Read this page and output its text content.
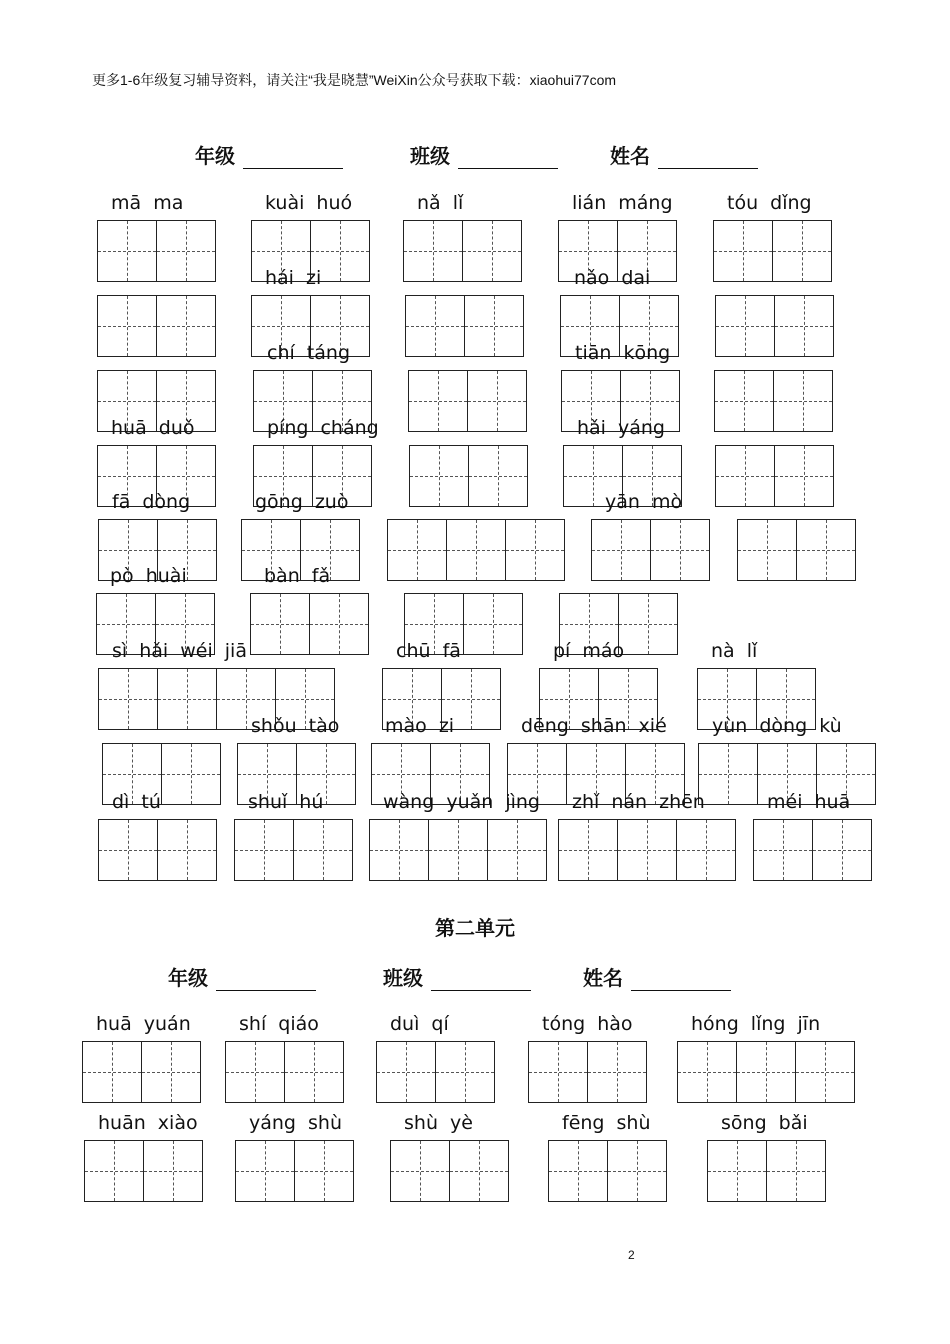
更多1-6年级复习辅导资料，请关注“我是晓慧”WeiXin公众号获取下载：xiaohui77com
年级	班级	姓名
mā ma	kuài huó	nǎ lǐ	lián máng	tóu dǐng
hái zi	nǎo dai
chí táng	tiān kōng
huā duǒ	píng cháng	hǎi yáng
fā dòng	gōng zuò	yān mò
pò huài	bàn fǎ
sì hǎi wéi jiā	chū fā	pí máo	nà lǐ
shǒu tào mào zi	dēng shān xié yùn dòng kù
dì tú	shuǐ hú	wàng yuǎn jìng zhǐ nán zhēn	méi huā
第二单元
年级	班级	姓名
huā yuán	shí qiáo	duì qí	tóng hào	hóng lǐng jīn
huān xiào	yáng shù	shù yè	fēng shù	sōng bǎi
2
